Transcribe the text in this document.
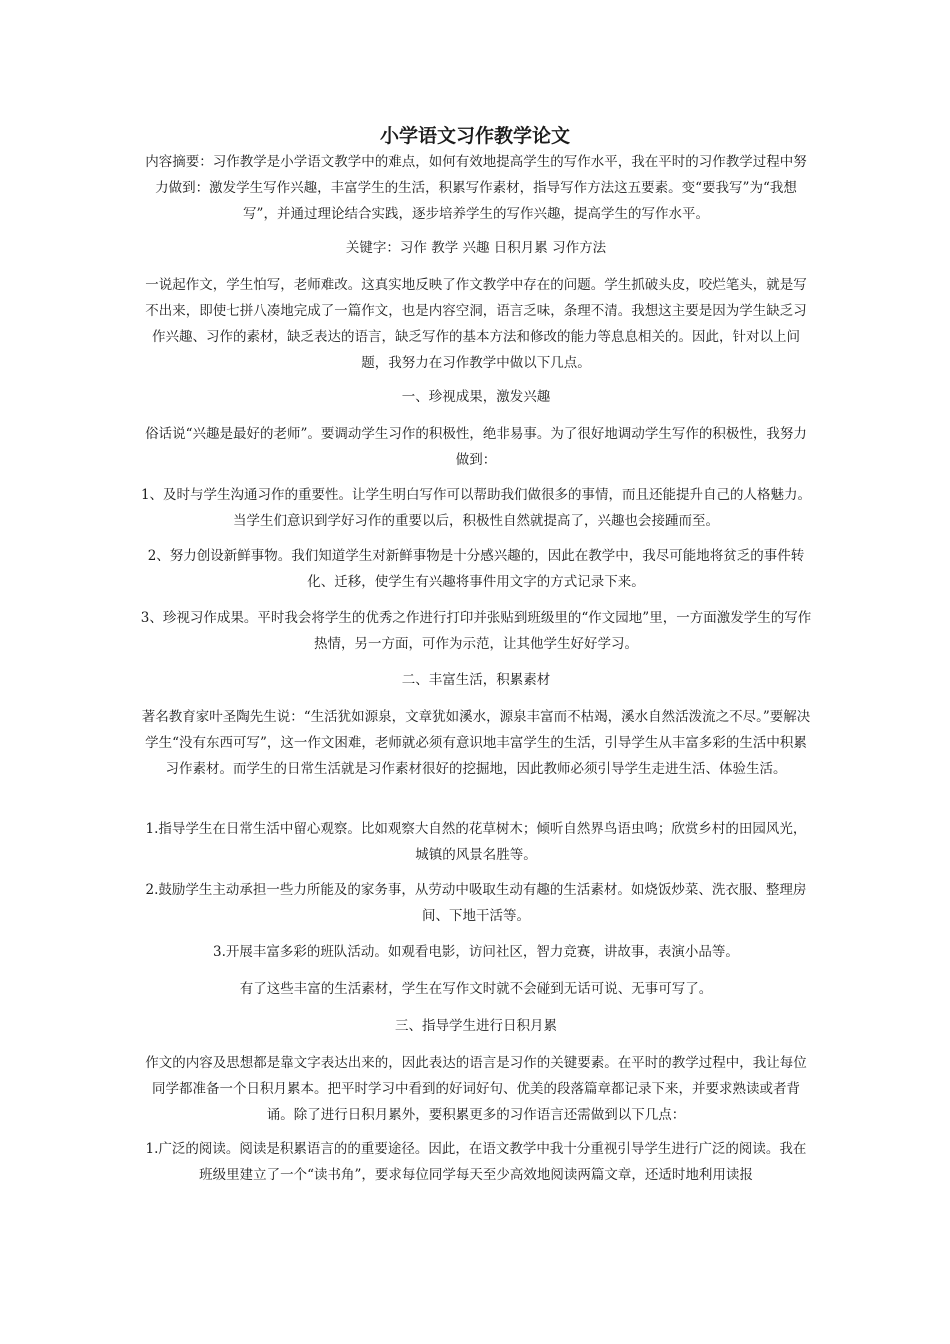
小学语文习作教学论文

内容摘要：习作教学是小学语文教学中的难点，如何有效地提高学生的写作水平，我在平时的习作教学过程中努力做到：激发学生写作兴趣，丰富学生的生活，积累写作素材，指导写作方法这五要素。变“要我写”为“我想写”，并通过理论结合实践，逐步培养学生的写作兴趣，提高学生的写作水平。

关键字：习作 教学 兴趣 日积月累 习作方法

一说起作文，学生怕写，老师难改。这真实地反映了作文教学中存在的问题。学生抓破头皮，咬烂笔头，就是写不出来，即使七拼八凑地完成了一篇作文，也是内容空洞，语言乏味，条理不清。我想这主要是因为学生缺乏习作兴趣、习作的素材，缺乏表达的语言，缺乏写作的基本方法和修改的能力等息息相关的。因此，针对以上问题，我努力在习作教学中做以下几点。

一、珍视成果，激发兴趣

俗话说“兴趣是最好的老师”。要调动学生习作的积极性，绝非易事。为了很好地调动学生写作的积极性，我努力做到：

1、及时与学生沟通习作的重要性。让学生明白写作可以帮助我们做很多的事情，而且还能提升自己的人格魅力。当学生们意识到学好习作的重要以后，积极性自然就提高了，兴趣也会接踵而至。

2、努力创设新鲜事物。我们知道学生对新鲜事物是十分感兴趣的，因此在教学中，我尽可能地将贫乏的事件转化、迁移，使学生有兴趣将事件用文字的方式记录下来。

3、珍视习作成果。平时我会将学生的优秀之作进行打印并张贴到班级里的“作文园地”里，一方面激发学生的写作热情，另一方面，可作为示范，让其他学生好好学习。

二、丰富生活，积累素材

著名教育家叶圣陶先生说：“生活犹如源泉，文章犹如溪水，源泉丰富而不枯竭，溪水自然活泼流之不尽。”要解决学生“没有东西可写”，这一作文困难，老师就必须有意识地丰富学生的生活，引导学生从丰富多彩的生活中积累习作素材。而学生的日常生活就是习作素材很好的挖掘地，因此教师必须引导学生走进生活、体验生活。

1.指导学生在日常生活中留心观察。比如观察大自然的花草树木；倾听自然界鸟语虫鸣；欣赏乡村的田园风光，城镇的风景名胜等。

2.鼓励学生主动承担一些力所能及的家务事，从劳动中吸取生动有趣的生活素材。如烧饭炒菜、洗衣服、整理房间、下地干活等。

3.开展丰富多彩的班队活动。如观看电影，访问社区，智力竞赛，讲故事，表演小品等。

有了这些丰富的生活素材，学生在写作文时就不会碰到无话可说、无事可写了。

三、指导学生进行日积月累

作文的内容及思想都是靠文字表达出来的，因此表达的语言是习作的关键要素。在平时的教学过程中，我让每位同学都准备一个日积月累本。把平时学习中看到的好词好句、优美的段落篇章都记录下来，并要求熟读或者背诵。除了进行日积月累外，要积累更多的习作语言还需做到以下几点：

1.广泛的阅读。阅读是积累语言的的重要途径。因此，在语文教学中我十分重视引导学生进行广泛的阅读。我在班级里建立了一个“读书角”，要求每位同学每天至少高效地阅读两篇文章，还适时地利用读报
